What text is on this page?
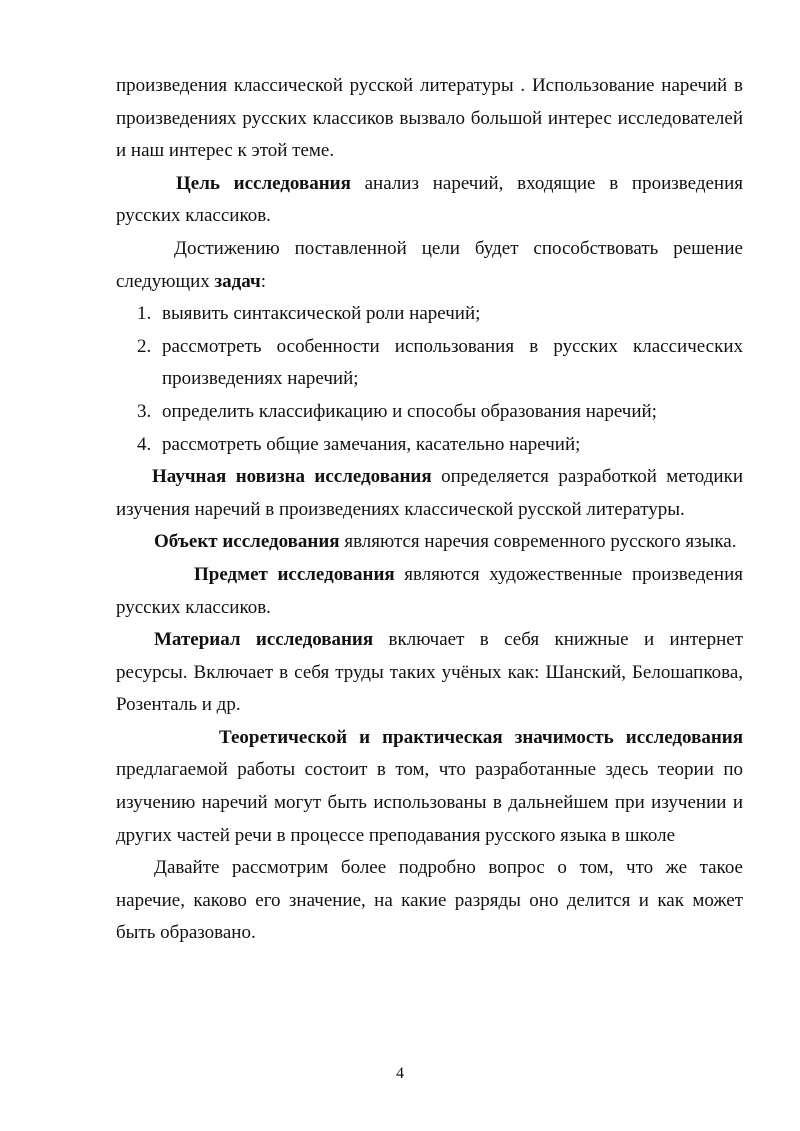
произведения классической русской литературы . Использование наречий в произведениях русских классиков вызвало большой интерес исследователей и наш интерес к этой теме.

Цель исследования анализ наречий, входящие в произведения русских классиков.

Достижению поставленной цели будет способствовать решение следующих задач:

1. выявить синтаксической роли наречий;
2. рассмотреть особенности использования в русских классических произведениях наречий;
3. определить классификацию и способы образования наречий;
4. рассмотреть общие замечания, касательно наречий;

Научная новизна исследования определяется разработкой методики изучения наречий в произведениях классической русской литературы.

Объект исследования являются наречия современного русского языка.

Предмет исследования являются художественные произведения русских классиков.

Материал исследования включает в себя книжные и интернет ресурсы. Включает в себя труды таких учёных как: Шанский, Белошапкова, Розенталь и др.

Теоретической и практическая значимость исследования предлагаемой работы состоит в том, что разработанные здесь теории по изучению наречий могут быть использованы в дальнейшем при изучении и других частей речи в процессе преподавания русского языка в школе

Давайте рассмотрим более подробно вопрос о том, что же такое наречие, каково его значение, на какие разряды оно делится и как может быть образовано.

4
